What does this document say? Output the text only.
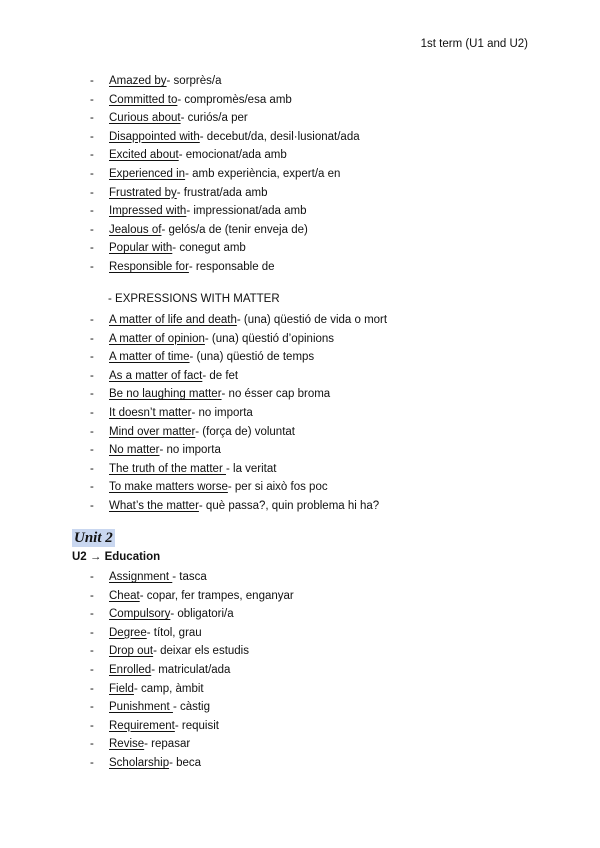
1st term (U1 and U2)
- Amazed by- sorprès/a
- Committed to- compromès/esa amb
- Curious about- curiós/a per
- Disappointed with- decebut/da, desil·lusionat/ada
- Excited about- emocionat/ada amb
- Experienced in- amb experiència, expert/a en
- Frustrated by- frustrat/ada amb
- Impressed with- impressionat/ada amb
- Jealous of- gelós/a de (tenir enveja de)
- Popular with- conegut amb
- Responsible for- responsable de
- EXPRESSIONS WITH MATTER
- A matter of life and death- (una) qüestió de vida o mort
- A matter of opinion- (una) qüestió d’opinions
- A matter of time- (una) qüestió de temps
- As a matter of fact- de fet
- Be no laughing matter- no ésser cap broma
- It doesn’t matter- no importa
- Mind over matter- (força de) voluntat
- No matter- no importa
- The truth of the matter - la veritat
- To make matters worse- per si això fos poc
- What’s the matter- què passa?, quin problema hi ha?
Unit 2
U2 → Education
- Assignment - tasca
- Cheat- copar, fer trampes, enganyar
- Compulsory- obligatori/a
- Degree- títol, grau
- Drop out- deixar els estudis
- Enrolled- matriculat/ada
- Field- camp, àmbit
- Punishment - càstig
- Requirement- requisit
- Revise- repasar
- Scholarship- beca
